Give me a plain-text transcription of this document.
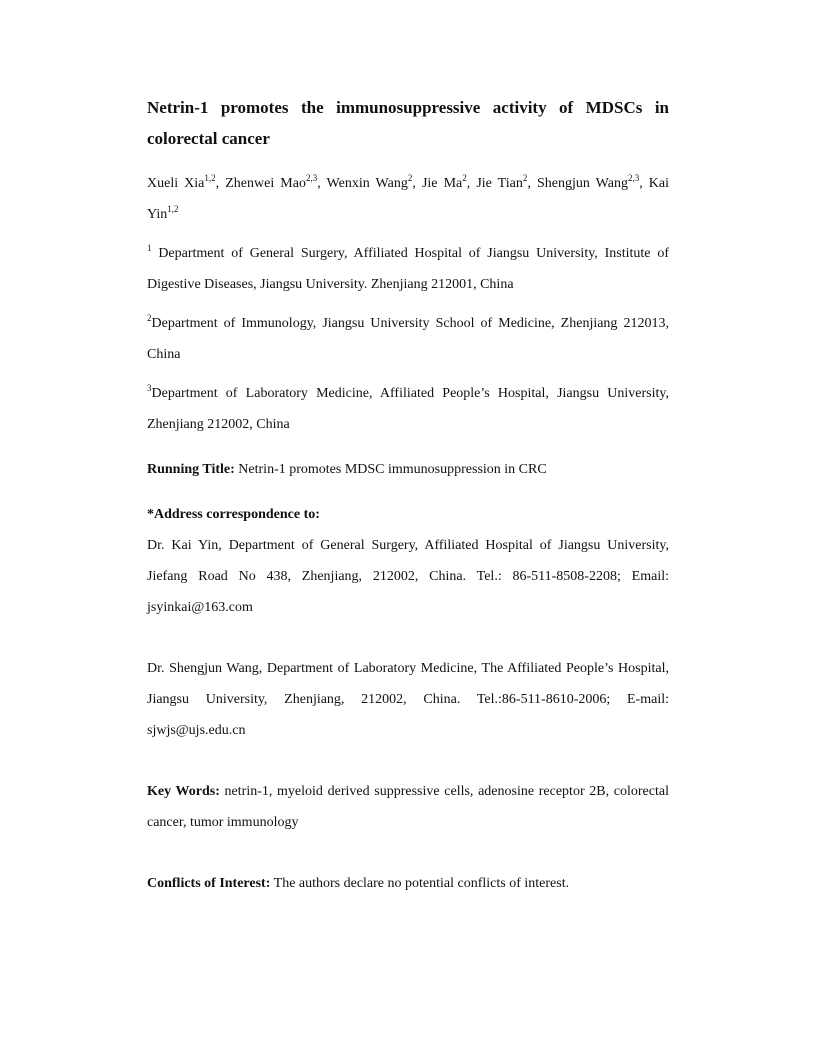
Netrin-1 promotes the immunosuppressive activity of MDSCs in colorectal cancer

Xueli Xia$^{1,2}$, Zhenwei Mao$^{2,3}$, Wenxin Wang$^2$, Jie Ma$^2$, Jie Tian$^2$, Shengjun Wang$^{2,3}$, Kai Yin$^{1,2}$

$^1$ Department of General Surgery, Affiliated Hospital of Jiangsu University, Institute of Digestive Diseases, Jiangsu University. Zhenjiang 212001, China

$^2$Department of Immunology, Jiangsu University School of Medicine, Zhenjiang 212013, China

$^3$Department of Laboratory Medicine, Affiliated People’s Hospital, Jiangsu University, Zhenjiang 212002, China

Running Title: Netrin-1 promotes MDSC immunosuppression in CRC

*Address correspondence to:

Dr. Kai Yin, Department of General Surgery, Affiliated Hospital of Jiangsu University, Jiefang Road No 438, Zhenjiang, 212002, China. Tel.: 86-511-8508-2208; Email: jsyinkai@163.com

Dr. Shengjun Wang, Department of Laboratory Medicine, The Affiliated People’s Hospital, Jiangsu University, Zhenjiang, 212002, China. Tel.:86-511-8610-2006; E-mail: sjwjs@ujs.edu.cn

Key Words: netrin-1, myeloid derived suppressive cells, adenosine receptor 2B, colorectal cancer, tumor immunology

Conflicts of Interest: The authors declare no potential conflicts of interest.
